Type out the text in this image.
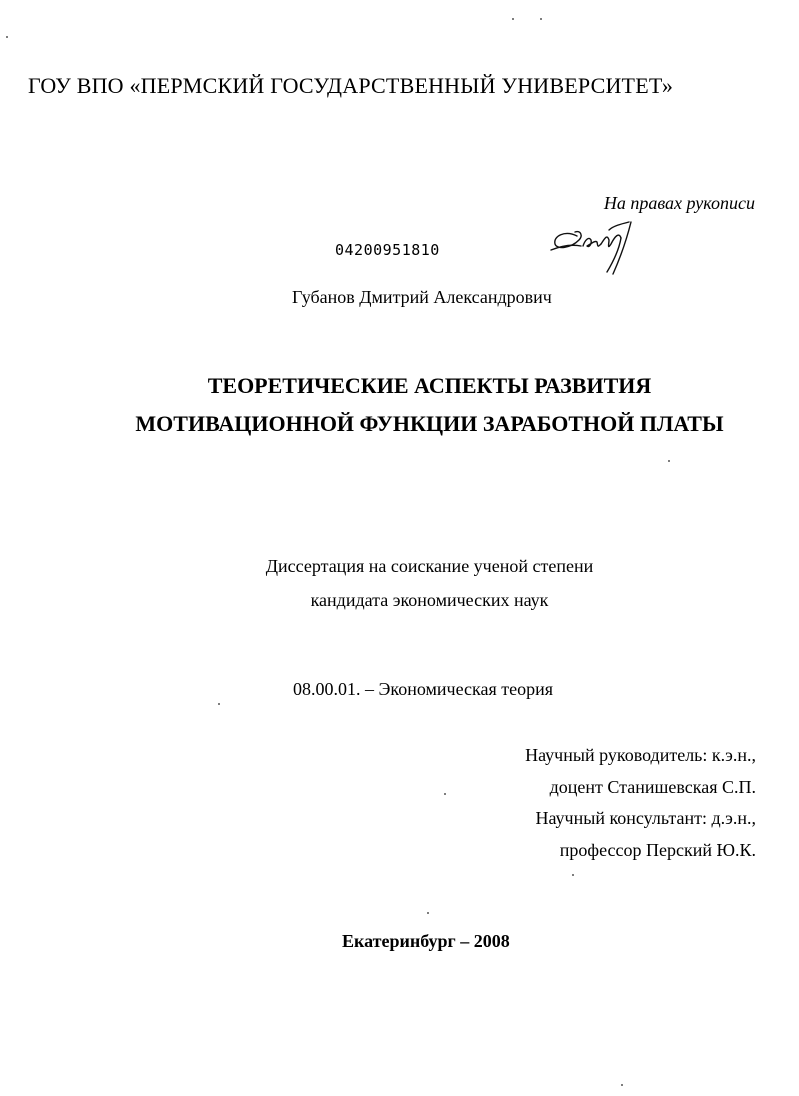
ГОУ ВПО «ПЕРМСКИЙ ГОСУДАРСТВЕННЫЙ УНИВЕРСИТЕТ»
На правах рукописи
04200951810
Губанов Дмитрий Александрович
ТЕОРЕТИЧЕСКИЕ АСПЕКТЫ РАЗВИТИЯ
МОТИВАЦИОННОЙ ФУНКЦИИ ЗАРАБОТНОЙ ПЛАТЫ
Диссертация на соискание ученой степени
кандидата экономических наук
08.00.01. – Экономическая теория
Научный руководитель: к.э.н.,
доцент Станишевская С.П.
Научный консультант: д.э.н.,
профессор Перский Ю.К.
Екатеринбург – 2008
